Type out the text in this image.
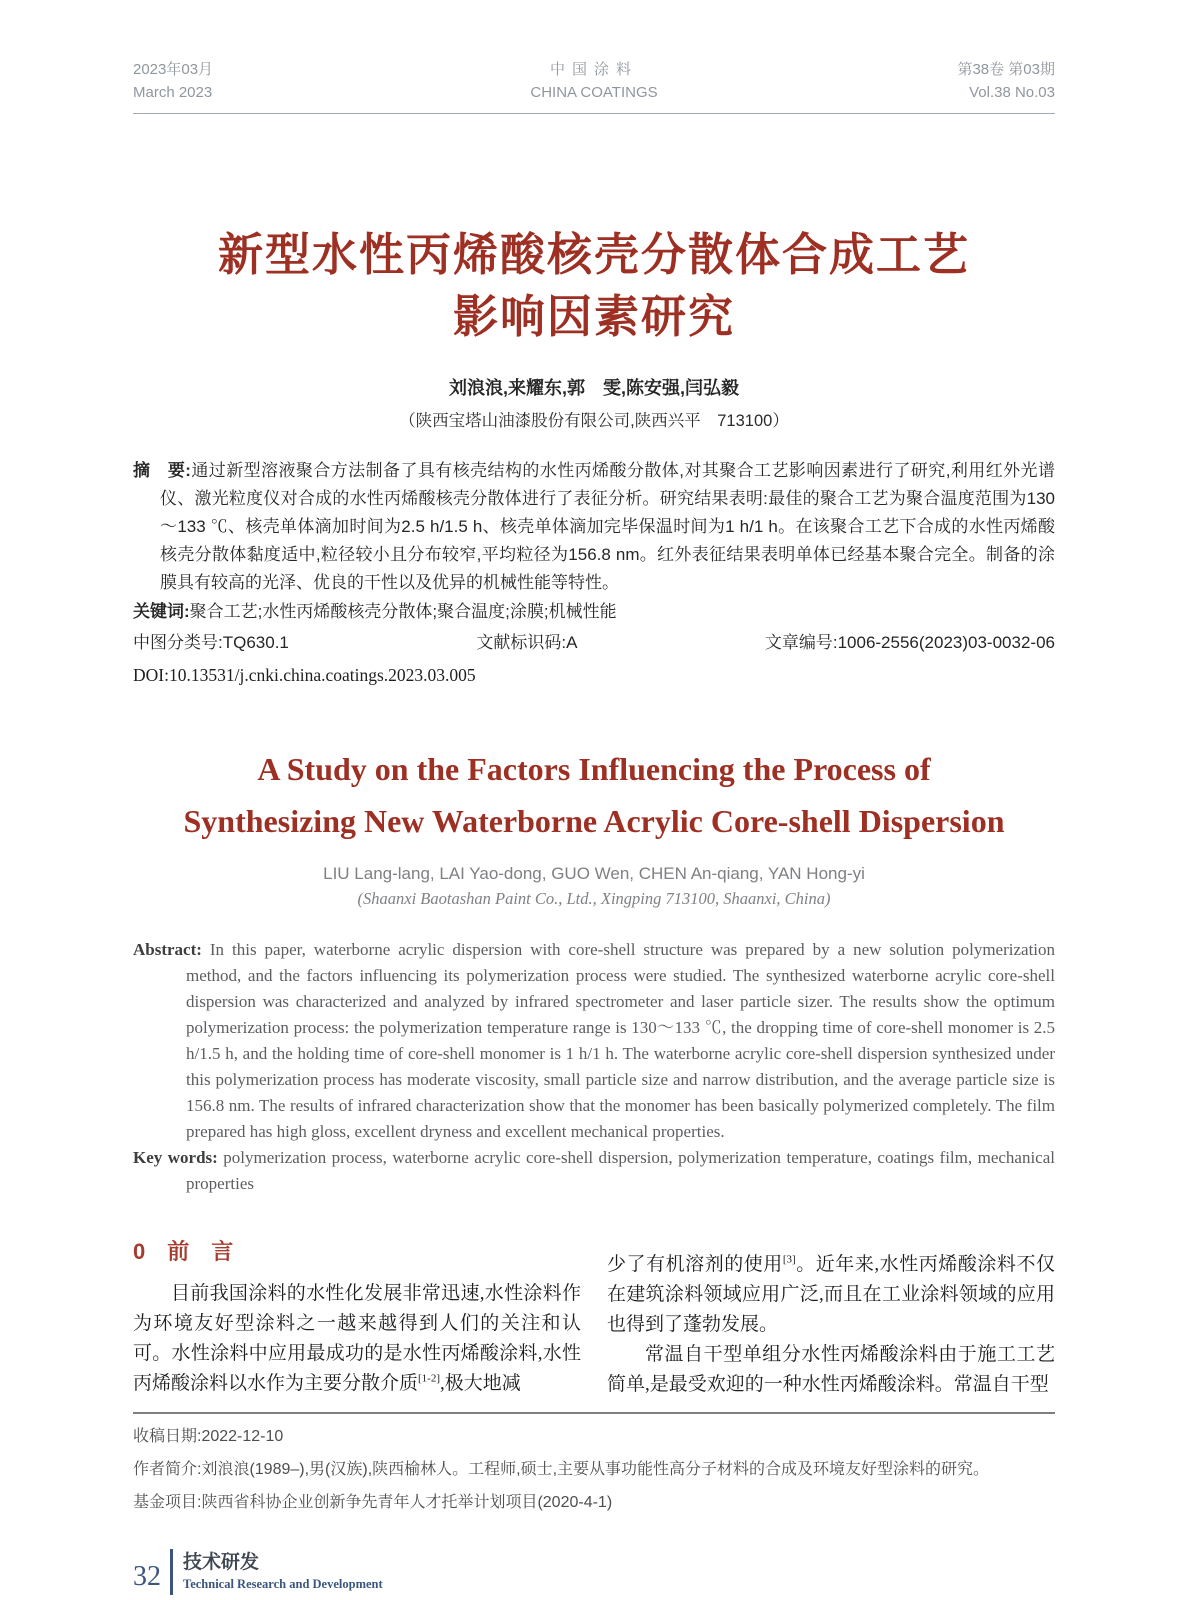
2023年03月
March 2023
中国涂料
CHINA COATINGS
第38卷 第03期
Vol.38 No.03
新型水性丙烯酸核壳分散体合成工艺
影响因素研究
刘浪浪,来耀东,郭　雯,陈安强,闫弘毅
（陕西宝塔山油漆股份有限公司,陕西兴平　713100）

摘　要:通过新型溶液聚合方法制备了具有核壳结构的水性丙烯酸分散体,对其聚合工艺影响因素进行了研究,利用红外光谱仪、激光粒度仪对合成的水性丙烯酸核壳分散体进行了表征分析。研究结果表明:最佳的聚合工艺为聚合温度范围为130～133 ℃、核壳单体滴加时间为2.5 h/1.5 h、核壳单体滴加完毕保温时间为1 h/1 h。在该聚合工艺下合成的水性丙烯酸核壳分散体黏度适中,粒径较小且分布较窄,平均粒径为156.8 nm。红外表征结果表明单体已经基本聚合完全。制备的涂膜具有较高的光泽、优良的干性以及优异的机械性能等特性。

关键词:聚合工艺;水性丙烯酸核壳分散体;聚合温度;涂膜;机械性能

中图分类号:TQ630.1	文献标识码:A	文章编号:1006-2556(2023)03-0032-06
DOI:10.13531/j.cnki.china.coatings.2023.03.005
A Study on the Factors Influencing the Process of
Synthesizing New Waterborne Acrylic Core-shell Dispersion
LIU Lang-lang, LAI Yao-dong, GUO Wen, CHEN An-qiang, YAN Hong-yi
(Shaanxi Baotashan Paint Co., Ltd., Xingping 713100, Shaanxi, China)

Abstract: In this paper, waterborne acrylic dispersion with core-shell structure was prepared by a new solution polymerization method, and the factors influencing its polymerization process were studied. The synthesized waterborne acrylic core-shell dispersion was characterized and analyzed by infrared spectrometer and laser particle sizer. The results show the optimum polymerization process: the polymerization temperature range is 130～133 ℃, the dropping time of core-shell monomer is 2.5 h/1.5 h, and the holding time of core-shell monomer is 1 h/1 h. The waterborne acrylic core-shell dispersion synthesized under this polymerization process has moderate viscosity, small particle size and narrow distribution, and the average particle size is 156.8 nm. The results of infrared characterization show that the monomer has been basically polymerized completely. The film prepared has high gloss, excellent dryness and excellent mechanical properties.

Key words: polymerization process, waterborne acrylic core-shell dispersion, polymerization temperature, coatings film, mechanical properties

0　前　言

目前我国涂料的水性化发展非常迅速,水性涂料作为环境友好型涂料之一越来越得到人们的关注和认可。水性涂料中应用最成功的是水性丙烯酸涂料,水性丙烯酸涂料以水作为主要分散介质[1-2],极大地减

少了有机溶剂的使用[3]。近年来,水性丙烯酸涂料不仅在建筑涂料领域应用广泛,而且在工业涂料领域的应用也得到了蓬勃发展。

常温自干型单组分水性丙烯酸涂料由于施工工艺简单,是最受欢迎的一种水性丙烯酸涂料。常温自干型

收稿日期:2022-12-10
作者简介:刘浪浪(1989–),男(汉族),陕西榆林人。工程师,硕士,主要从事功能性高分子材料的合成及环境友好型涂料的研究。
基金项目:陕西省科协企业创新争先青年人才托举计划项目(2020-4-1)
32 技术研发
Technical Research and Development
